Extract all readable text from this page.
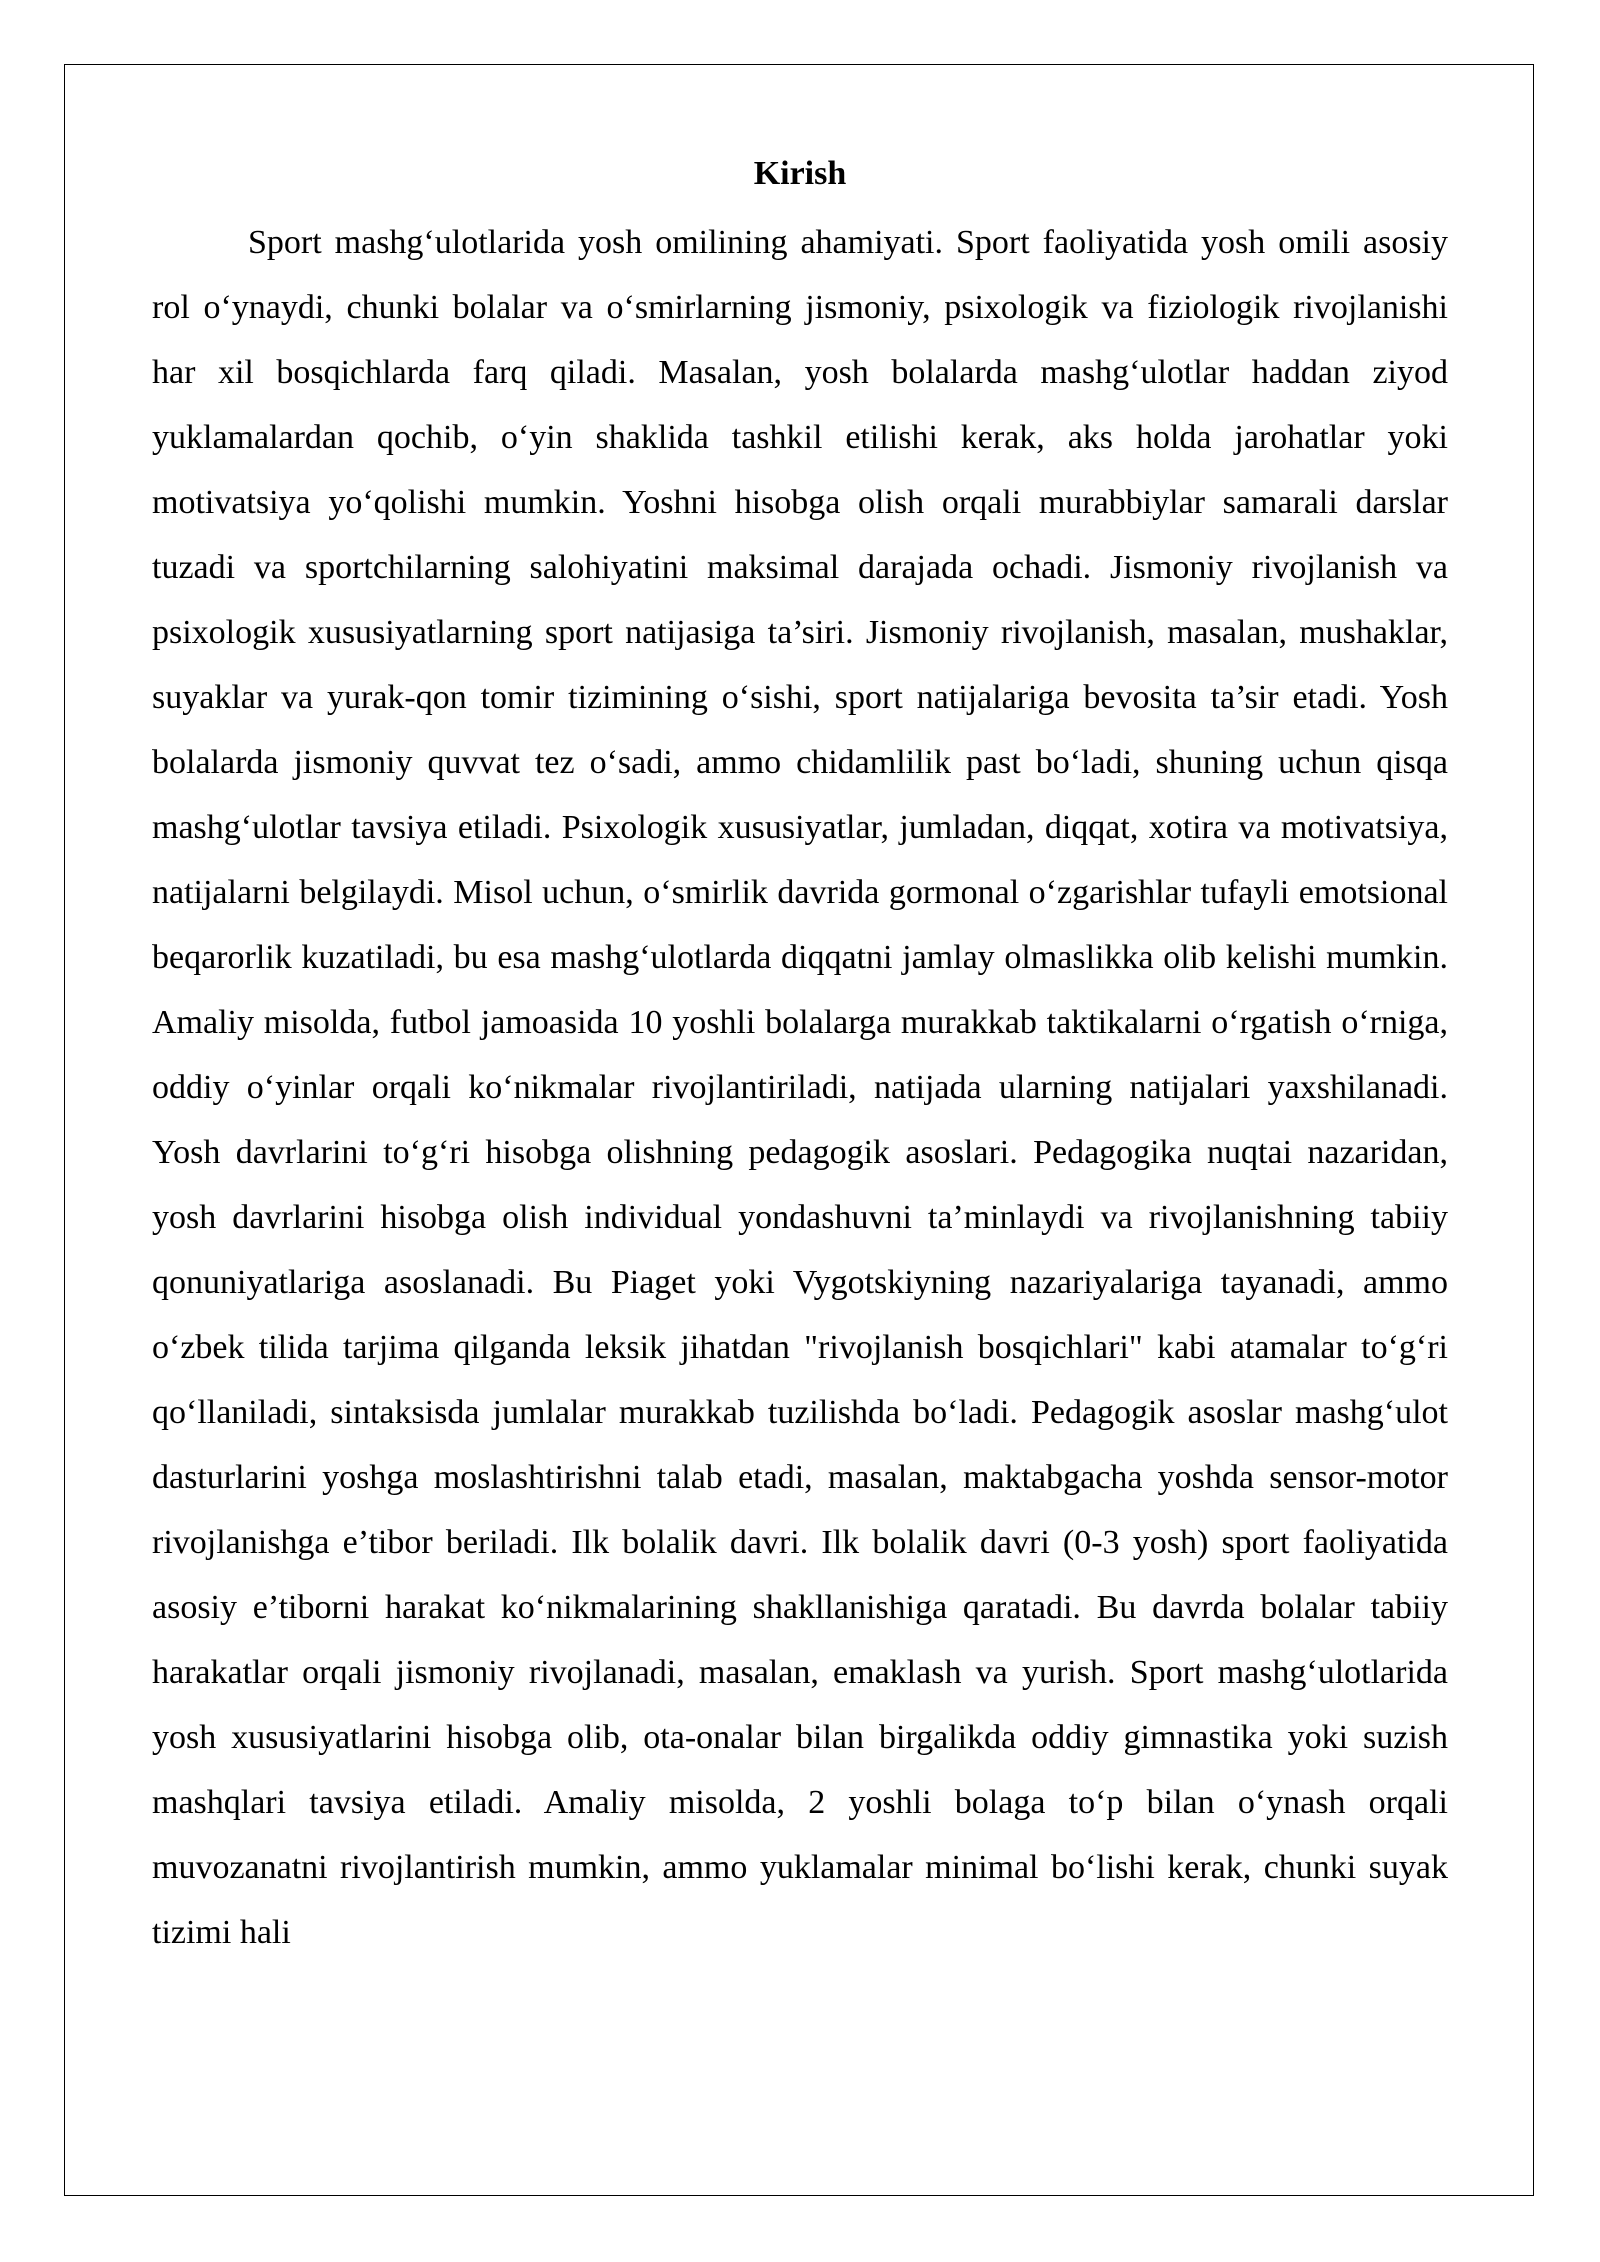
Kirish

Sport mashg‘ulotlarida yosh omilining ahamiyati. Sport faoliyatida yosh omili asosiy rol o‘ynaydi, chunki bolalar va o‘smirlarning jismoniy, psixologik va fiziologik rivojlanishi har xil bosqichlarda farq qiladi. Masalan, yosh bolalarda mashg‘ulotlar haddan ziyod yuklamalardan qochib, o‘yin shaklida tashkil etilishi kerak, aks holda jarohatlar yoki motivatsiya yo‘qolishi mumkin. Yoshni hisobga olish orqali murabbiylar samarali darslar tuzadi va sportchilarning salohiyatini maksimal darajada ochadi. Jismoniy rivojlanish va psixologik xususiyatlarning sport natijasiga ta’siri. Jismoniy rivojlanish, masalan, mushaklar, suyaklar va yurak-qon tomir tizimining o‘sishi, sport natijalariga bevosita ta’sir etadi. Yosh bolalarda jismoniy quvvat tez o‘sadi, ammo chidamlilik past bo‘ladi, shuning uchun qisqa mashg‘ulotlar tavsiya etiladi. Psixologik xususiyatlar, jumladan, diqqat, xotira va motivatsiya, natijalarni belgilaydi. Misol uchun, o‘smirlik davrida gormonal o‘zgarishlar tufayli emotsional beqarorlik kuzatiladi, bu esa mashg‘ulotlarda diqqatni jamlay olmaslikka olib kelishi mumkin. Amaliy misolda, futbol jamoasida 10 yoshli bolalarga murakkab taktikalarni o‘rgatish o‘rniga, oddiy o‘yinlar orqali ko‘nikmalar rivojlantiriladi, natijada ularning natijalari yaxshilanadi. Yosh davrlarini to‘g‘ri hisobga olishning pedagogik asoslari. Pedagogika nuqtai nazaridan, yosh davrlarini hisobga olish individual yondashuvni ta’minlaydi va rivojlanishning tabiiy qonuniyatlariga asoslanadi. Bu Piaget yoki Vygotskiyning nazariyalariga tayanadi, ammo o‘zbek tilida tarjima qilganda leksik jihatdan "rivojlanish bosqichlari" kabi atamalar to‘g‘ri qo‘llaniladi, sintaksisda jumlalar murakkab tuzilishda bo‘ladi. Pedagogik asoslar mashg‘ulot dasturlarini yoshga moslashtirishni talab etadi, masalan, maktabgacha yoshda sensor-motor rivojlanishga e’tibor beriladi. Ilk bolalik davri. Ilk bolalik davri (0-3 yosh) sport faoliyatida asosiy e’tiborni harakat ko‘nikmalarining shakllanishiga qaratadi. Bu davrda bolalar tabiiy harakatlar orqali jismoniy rivojlanadi, masalan, emaklash va yurish. Sport mashg‘ulotlarida yosh xususiyatlarini hisobga olib, ota-onalar bilan birgalikda oddiy gimnastika yoki suzish mashqlari tavsiya etiladi. Amaliy misolda, 2 yoshli bolaga to‘p bilan o‘ynash orqali muvozanatni rivojlantirish mumkin, ammo yuklamalar minimal bo‘lishi kerak, chunki suyak tizimi hali
